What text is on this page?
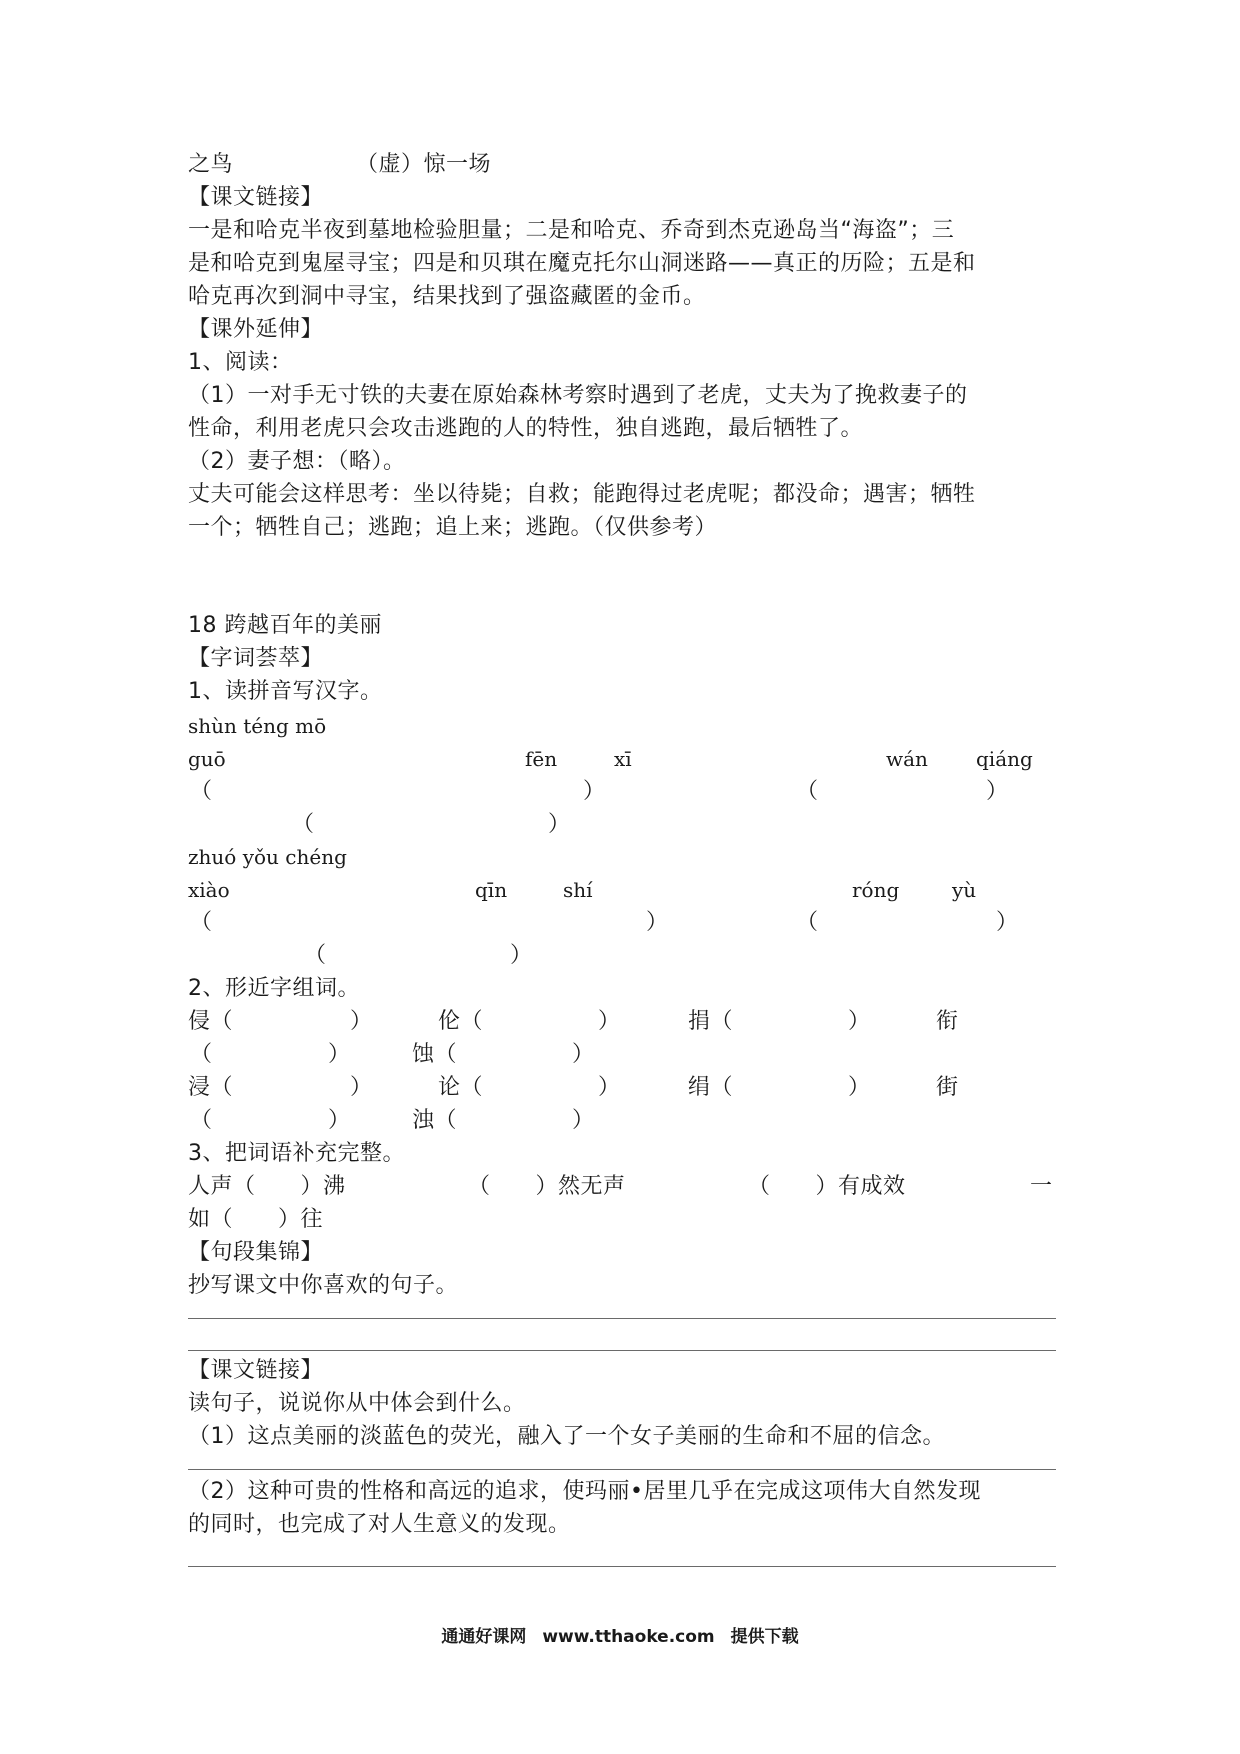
之鸟	（虚）惊一场
【课文链接】
一是和哈克半夜到墓地检验胆量；二是和哈克、乔奇到杰克逊岛当“海盗”；三
是和哈克到鬼屋寻宝；四是和贝琪在魔克托尔山洞迷路——真正的历险；五是和
哈克再次到洞中寻宝，结果找到了强盗藏匿的金币。
【课外延伸】
1、阅读：
（1）一对手无寸铁的夫妻在原始森林考察时遇到了老虎，丈夫为了挽救妻子的
性命，利用老虎只会攻击逃跑的人的特性，独自逃跑，最后牺牲了。
（2）妻子想：（略）。
丈夫可能会这样思考：坐以待毙；自救；能跑得过老虎呢；都没命；遇害；牺牲
一个；牺牲自己；逃跑；追上来；逃跑。（仅供参考）
18 跨越百年的美丽
【字词荟萃】
1、读拼音写汉字。
shùn téng mō
guō	fēn	xī	wán qiáng
（	）	（	）
（	）
zhuó yǒu chéng
xiào	qīn	shí	róng	yù
（	）	（	）
（	）
2、形近字组词。
侵（	）	伦（	）	捐（	）	衔
（	）	蚀（	）
浸（	）	论（	）	绢（	）	街
（	）	浊（	）
3、把词语补充完整。
人声（　　）沸	（　　）然无声	（　　）有成效	一
如（　　）往
【句段集锦】
抄写课文中你喜欢的句子。
【课文链接】
读句子，说说你从中体会到什么。
（1）这点美丽的淡蓝色的荧光，融入了一个女子美丽的生命和不屈的信念。
（2）这种可贵的性格和高远的追求，使玛丽•居里几乎在完成这项伟大自然发现
的同时，也完成了对人生意义的发现。
通通好课网 www.tthaoke.com 提供下载
